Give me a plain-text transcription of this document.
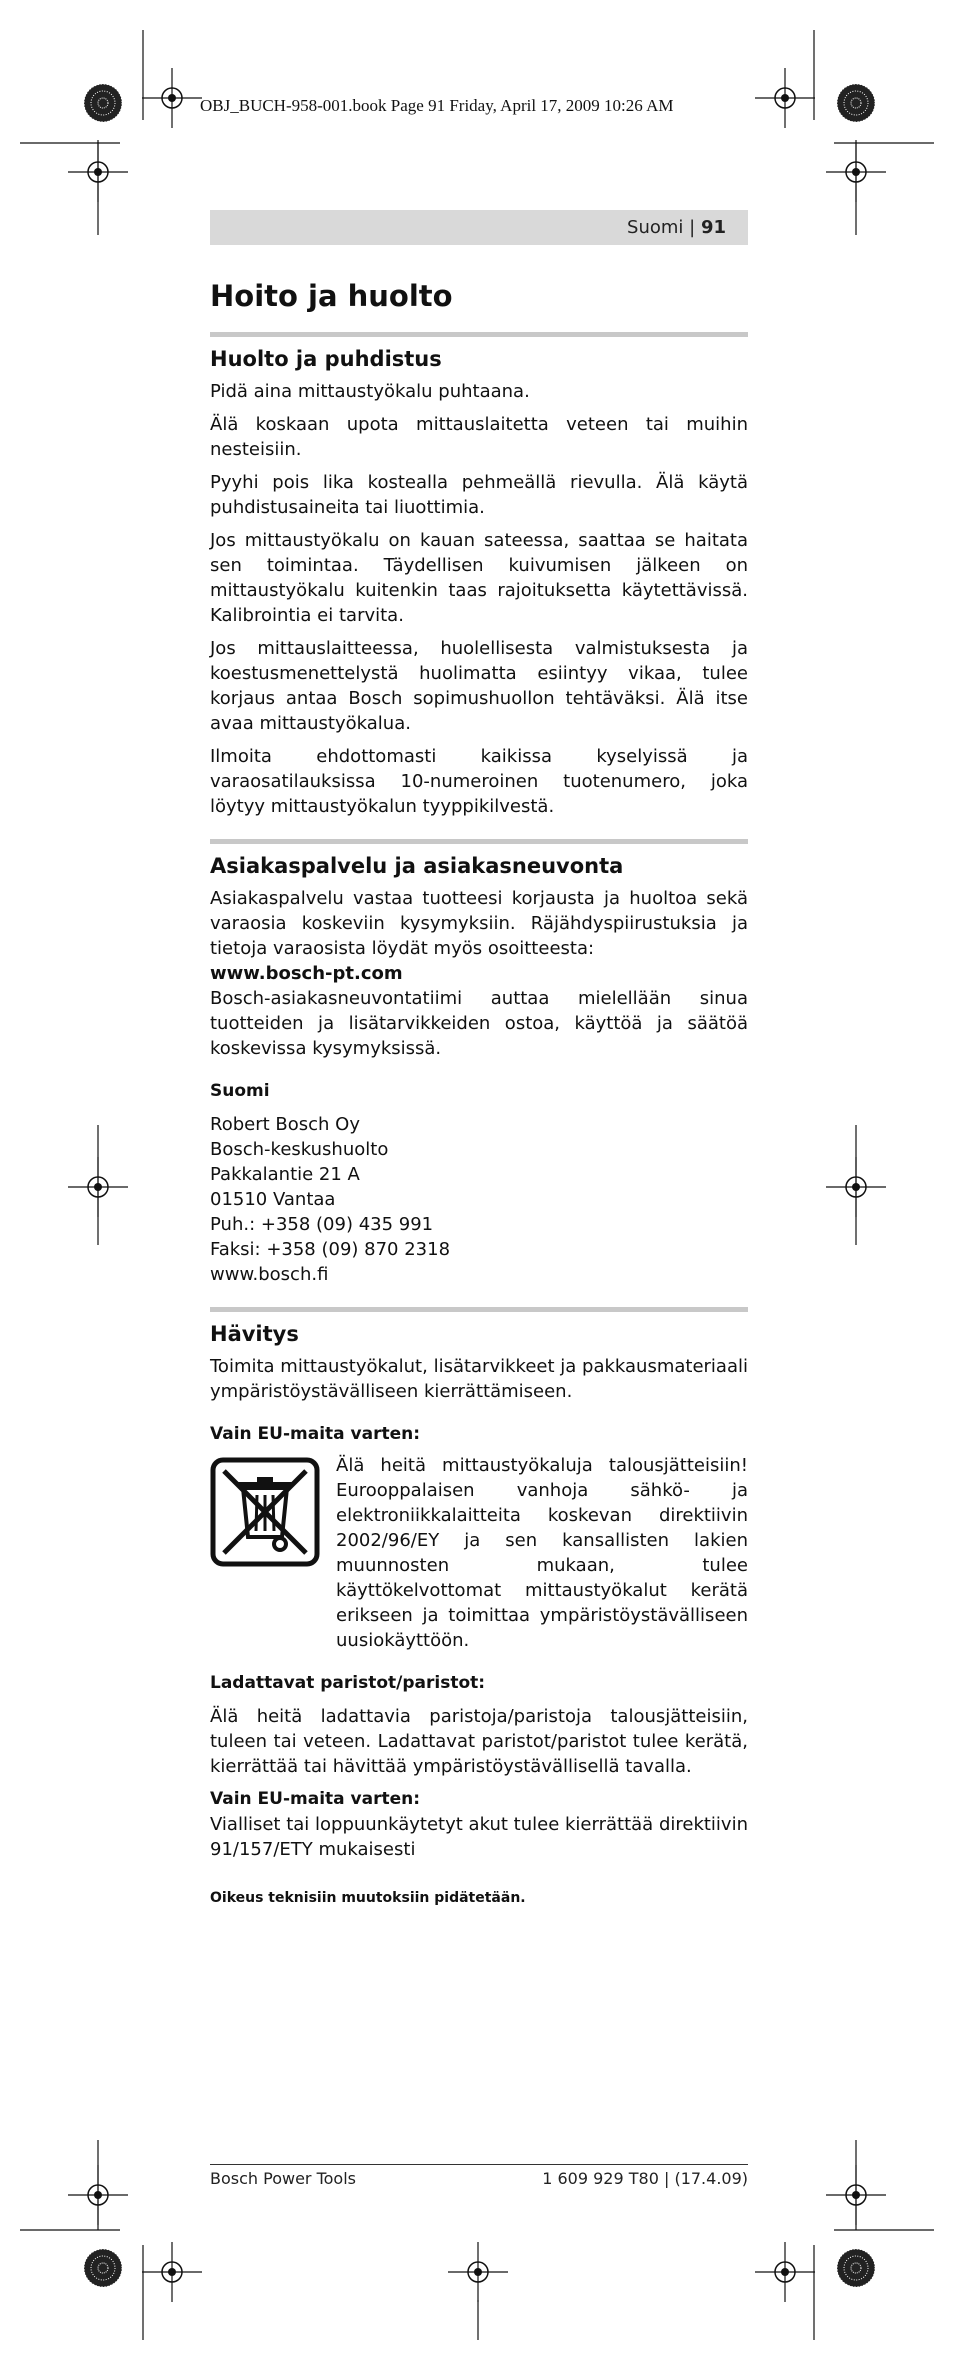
OBJ_BUCH-958-001.book Page 91 Friday, April 17, 2009 10:26 AM
Suomi | 91
Hoito ja huolto
Huolto ja puhdistus

Pidä aina mittaustyökalu puhtaana.

Älä koskaan upota mittauslaitetta veteen tai muihin nesteisiin.

Pyyhi pois lika kostealla pehmeällä rievulla. Älä käytä puhdistusaineita tai liuottimia.

Jos mittaustyökalu on kauan sateessa, saattaa se haitata sen toimintaa. Täydellisen kuivumisen jälkeen on mittaustyökalu kuitenkin taas rajoituksetta käytettävissä. Kalibrointia ei tarvita.

Jos mittauslaitteessa, huolellisesta valmistuksesta ja koestusmenettelystä huolimatta esiintyy vikaa, tulee korjaus antaa Bosch sopimushuollon tehtäväksi. Älä itse avaa mittaustyökalua.

Ilmoita ehdottomasti kaikissa kyselyissä ja varaosatilauksissa 10-numeroinen tuotenumero, joka löytyy mittaustyökalun tyyppikilvestä.

Asiakaspalvelu ja asiakasneuvonta

Asiakaspalvelu vastaa tuotteesi korjausta ja huoltoa sekä varaosia koskeviin kysymyksiin. Räjähdyspiirustuksia ja tietoja varaosista löydät myös osoitteesta:

www.bosch-pt.com

Bosch-asiakasneuvontatiimi auttaa mielellään sinua tuotteiden ja lisätarvikkeiden ostoa, käyttöä ja säätöä koskevissa kysymyksissä.

Suomi
Robert Bosch Oy
Bosch-keskushuolto
Pakkalantie 21 A
01510 Vantaa
Puh.: +358 (09) 435 991
Faksi: +358 (09) 870 2318
www.bosch.fi
Hävitys

Toimita mittaustyökalut, lisätarvikkeet ja pakkausmateriaali ympäristöystävälliseen kierrättämiseen.

Vain EU-maita varten:

Älä heitä mittaustyökaluja talousjätteisiin! Eurooppalaisen vanhoja sähkö- ja elektroniikkalaitteita koskevan direktiivin 2002/96/EY ja sen kansallisten lakien muunnosten mukaan, tulee käyttökelvottomat mittaustyökalut kerätä erikseen ja toimittaa ympäristöystävälliseen uusiokäyttöön.

Ladattavat paristot/paristot:

Älä heitä ladattavia paristoja/paristoja talousjätteisiin, tuleen tai veteen. Ladattavat paristot/paristot tulee kerätä, kierrättää tai hävittää ympäristöystävällisellä tavalla.

Vain EU-maita varten:

Vialliset tai loppuunkäytetyt akut tulee kierrättää direktiivin 91/157/ETY mukaisesti

Oikeus teknisiin muutoksiin pidätetään.
Bosch Power Tools	1 609 929 T80 | (17.4.09)
